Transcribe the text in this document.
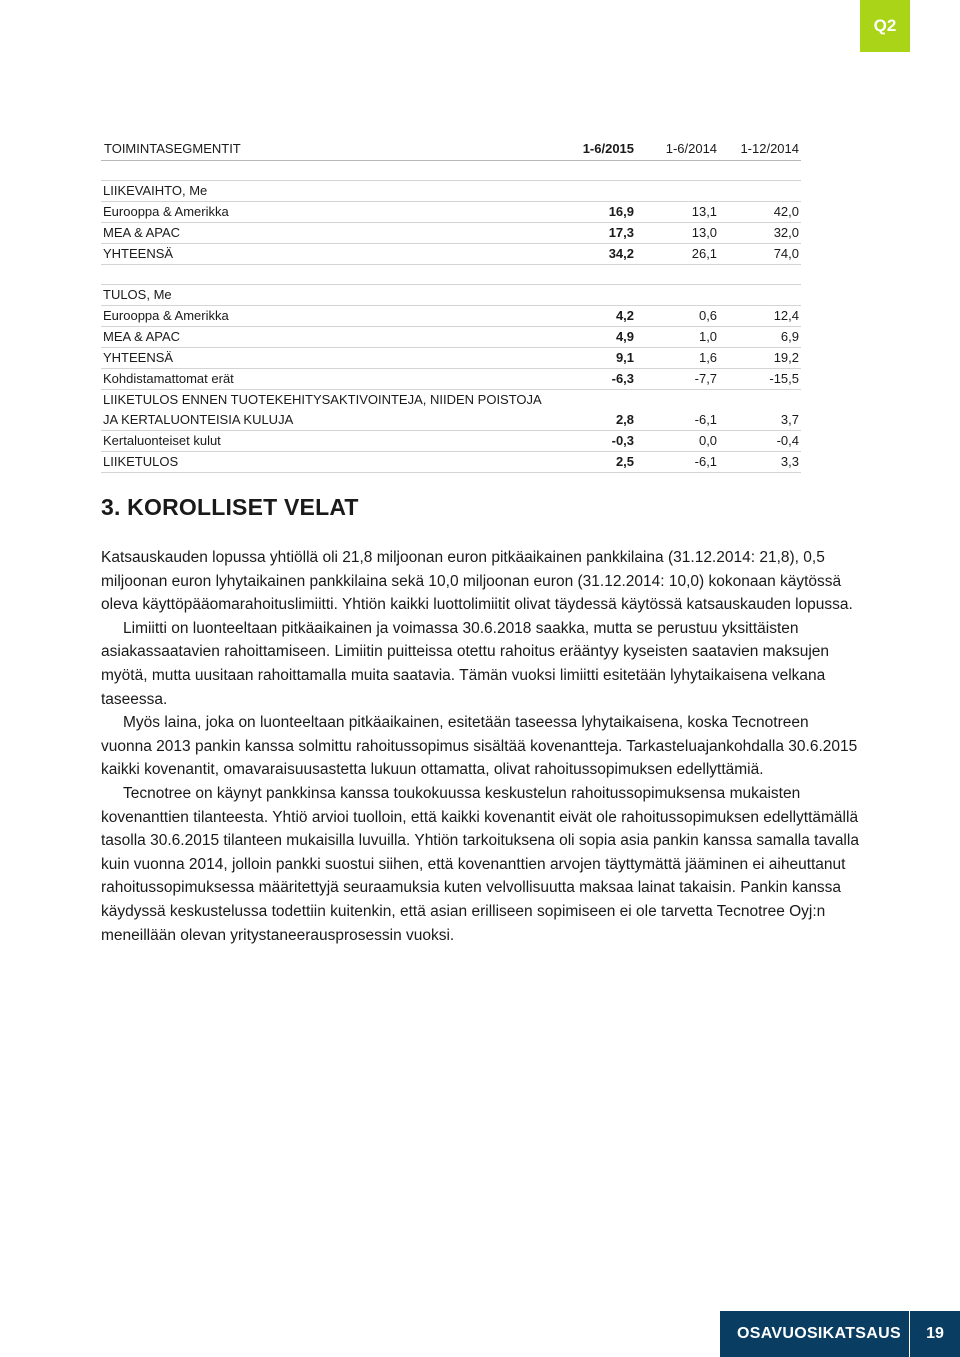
Q2
TOIMINTASEGMENTIT	1-6/2015	1-6/2014	1-12/2014

LIIKEVAIHTO, Me			
Eurooppa & Amerikka	16,9	13,1	42,0
MEA & APAC	17,3	13,0	32,0
YHTEENSÄ	34,2	26,1	74,0

TULOS, Me			
Eurooppa & Amerikka	4,2	0,6	12,4
MEA & APAC	4,9	1,0	6,9
YHTEENSÄ	9,1	1,6	19,2
Kohdistamattomat erät	-6,3	-7,7	-15,5
LIIKETULOS ENNEN TUOTEKEHITYSAKTIVOINTEJA, NIIDEN POISTOJA			
JA KERTALUONTEISIA KULUJA	2,8	-6,1	3,7
Kertaluonteiset kulut	-0,3	0,0	-0,4
LIIKETULOS	2,5	-6,1	3,3
3. KOROLLISET VELAT

Katsauskauden lopussa yhtiöllä oli 21,8 miljoonan euron pitkäaikainen pankkilaina (31.12.2014: 21,8), 0,5 miljoonan euron lyhytaikainen pankkilaina sekä 10,0 miljoonan euron (31.12.2014: 10,0) kokonaan käytössä oleva käyttöpääomarahoituslimiitti. Yhtiön kaikki luottolimiitit olivat täydessä käytössä katsauskauden lopussa.

Limiitti on luonteeltaan pitkäaikainen ja voimassa 30.6.2018 saakka, mutta se perustuu yksittäisten asiakassaatavien rahoittamiseen. Limiitin puitteissa otettu rahoitus erääntyy kyseisten saatavien maksujen myötä, mutta uusitaan rahoittamalla muita saatavia. Tämän vuoksi limiitti esitetään lyhytaikaisena velkana taseessa.

Myös laina, joka on luonteeltaan pitkäaikainen, esitetään taseessa lyhytaikaisena, koska Tecnotreen vuonna 2013 pankin kanssa solmittu rahoitussopimus sisältää kovenantteja. Tarkasteluajankohdalla 30.6.2015 kaikki kovenantit, omavaraisuusastetta lukuun ottamatta, olivat rahoitussopimuksen edellyttämiä.

Tecnotree on käynyt pankkinsa kanssa toukokuussa keskustelun rahoitussopimuksensa mukaisten kovenanttien tilanteesta. Yhtiö arvioi tuolloin, että kaikki kovenantit eivät ole rahoitussopimuksen edellyttämällä tasolla 30.6.2015 tilanteen mukaisilla luvuilla. Yhtiön tarkoituksena oli sopia asia pankin kanssa samalla tavalla kuin vuonna 2014, jolloin pankki suostui siihen, että kovenanttien arvojen täyttymättä jääminen ei aiheuttanut rahoitussopimuksessa määritettyjä seuraamuksia kuten velvollisuutta maksaa lainat takaisin. Pankin kanssa käydyssä keskustelussa todettiin kuitenkin, että asian erilliseen sopimiseen ei ole tarvetta Tecnotree Oyj:n meneillään olevan yritystaneerausprosessin vuoksi.

OSAVUOSIKATSAUS	19
